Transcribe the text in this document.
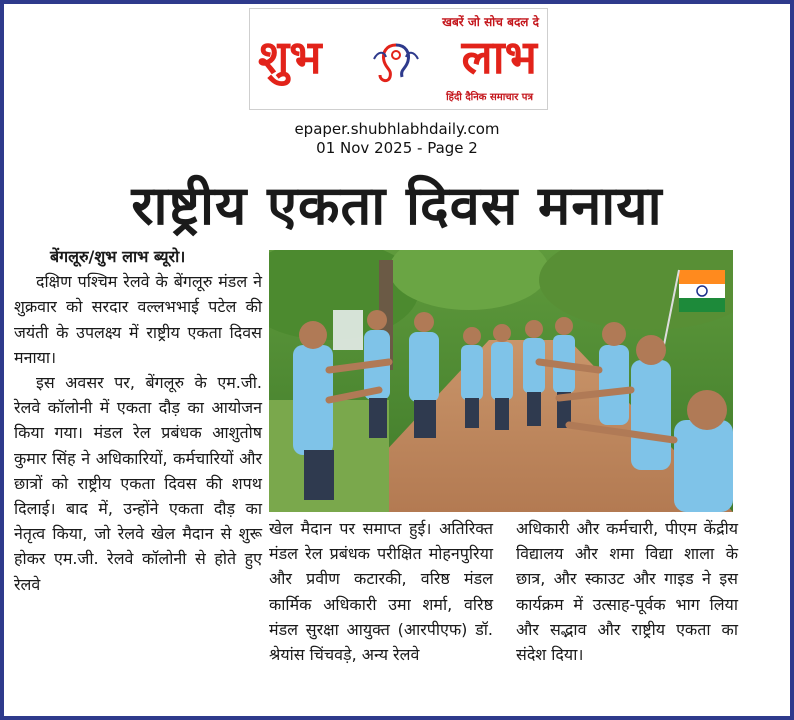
खबरें जो सोच बदल दे
शुभ	लाभ
हिंदी दैनिक समाचार पत्र
epaper.shubhlabhdaily.com
01 Nov 2025 - Page 2
राष्ट्रीय एकता दिवस मनाया
बेंगलूरु/शुभ लाभ ब्यूरो।

दक्षिण पश्चिम रेलवे के बेंगलूरु मंडल ने शुक्रवार को सरदार वल्लभभाई पटेल की जयंती के उपलक्ष्य में राष्ट्रीय एकता दिवस मनाया।

इस अवसर पर, बेंगलूरु के एम.जी. रेलवे कॉलोनी में एकता दौड़ का आयोजन किया गया। मंडल रेल प्रबंधक आशुतोष कुमार सिंह ने अधिकारियों, कर्मचारियों और छात्रों को राष्ट्रीय एकता दिवस की शपथ दिलाई। बाद में, उन्होंने एकता दौड़ का नेतृत्व किया, जो रेलवे खेल मैदान से शुरू होकर एम.जी. रेलवे कॉलोनी से होते हुए रेलवे

खेल मैदान पर समाप्त हुई। अतिरिक्त मंडल रेल प्रबंधक परीक्षित मोहनपुरिया और प्रवीण कटारकी, वरिष्ठ मंडल कार्मिक अधिकारी उमा शर्मा, वरिष्ठ मंडल सुरक्षा आयुक्त (आरपीएफ) डॉ. श्रेयांस चिंचवड़े, अन्य रेलवे

अधिकारी और कर्मचारी, पीएम केंद्रीय विद्यालय और शमा विद्या शाला के छात्र, और स्काउट और गाइड ने इस कार्यक्रम में उत्साह-पूर्वक भाग लिया और सद्भाव और राष्ट्रीय एकता का संदेश दिया।
